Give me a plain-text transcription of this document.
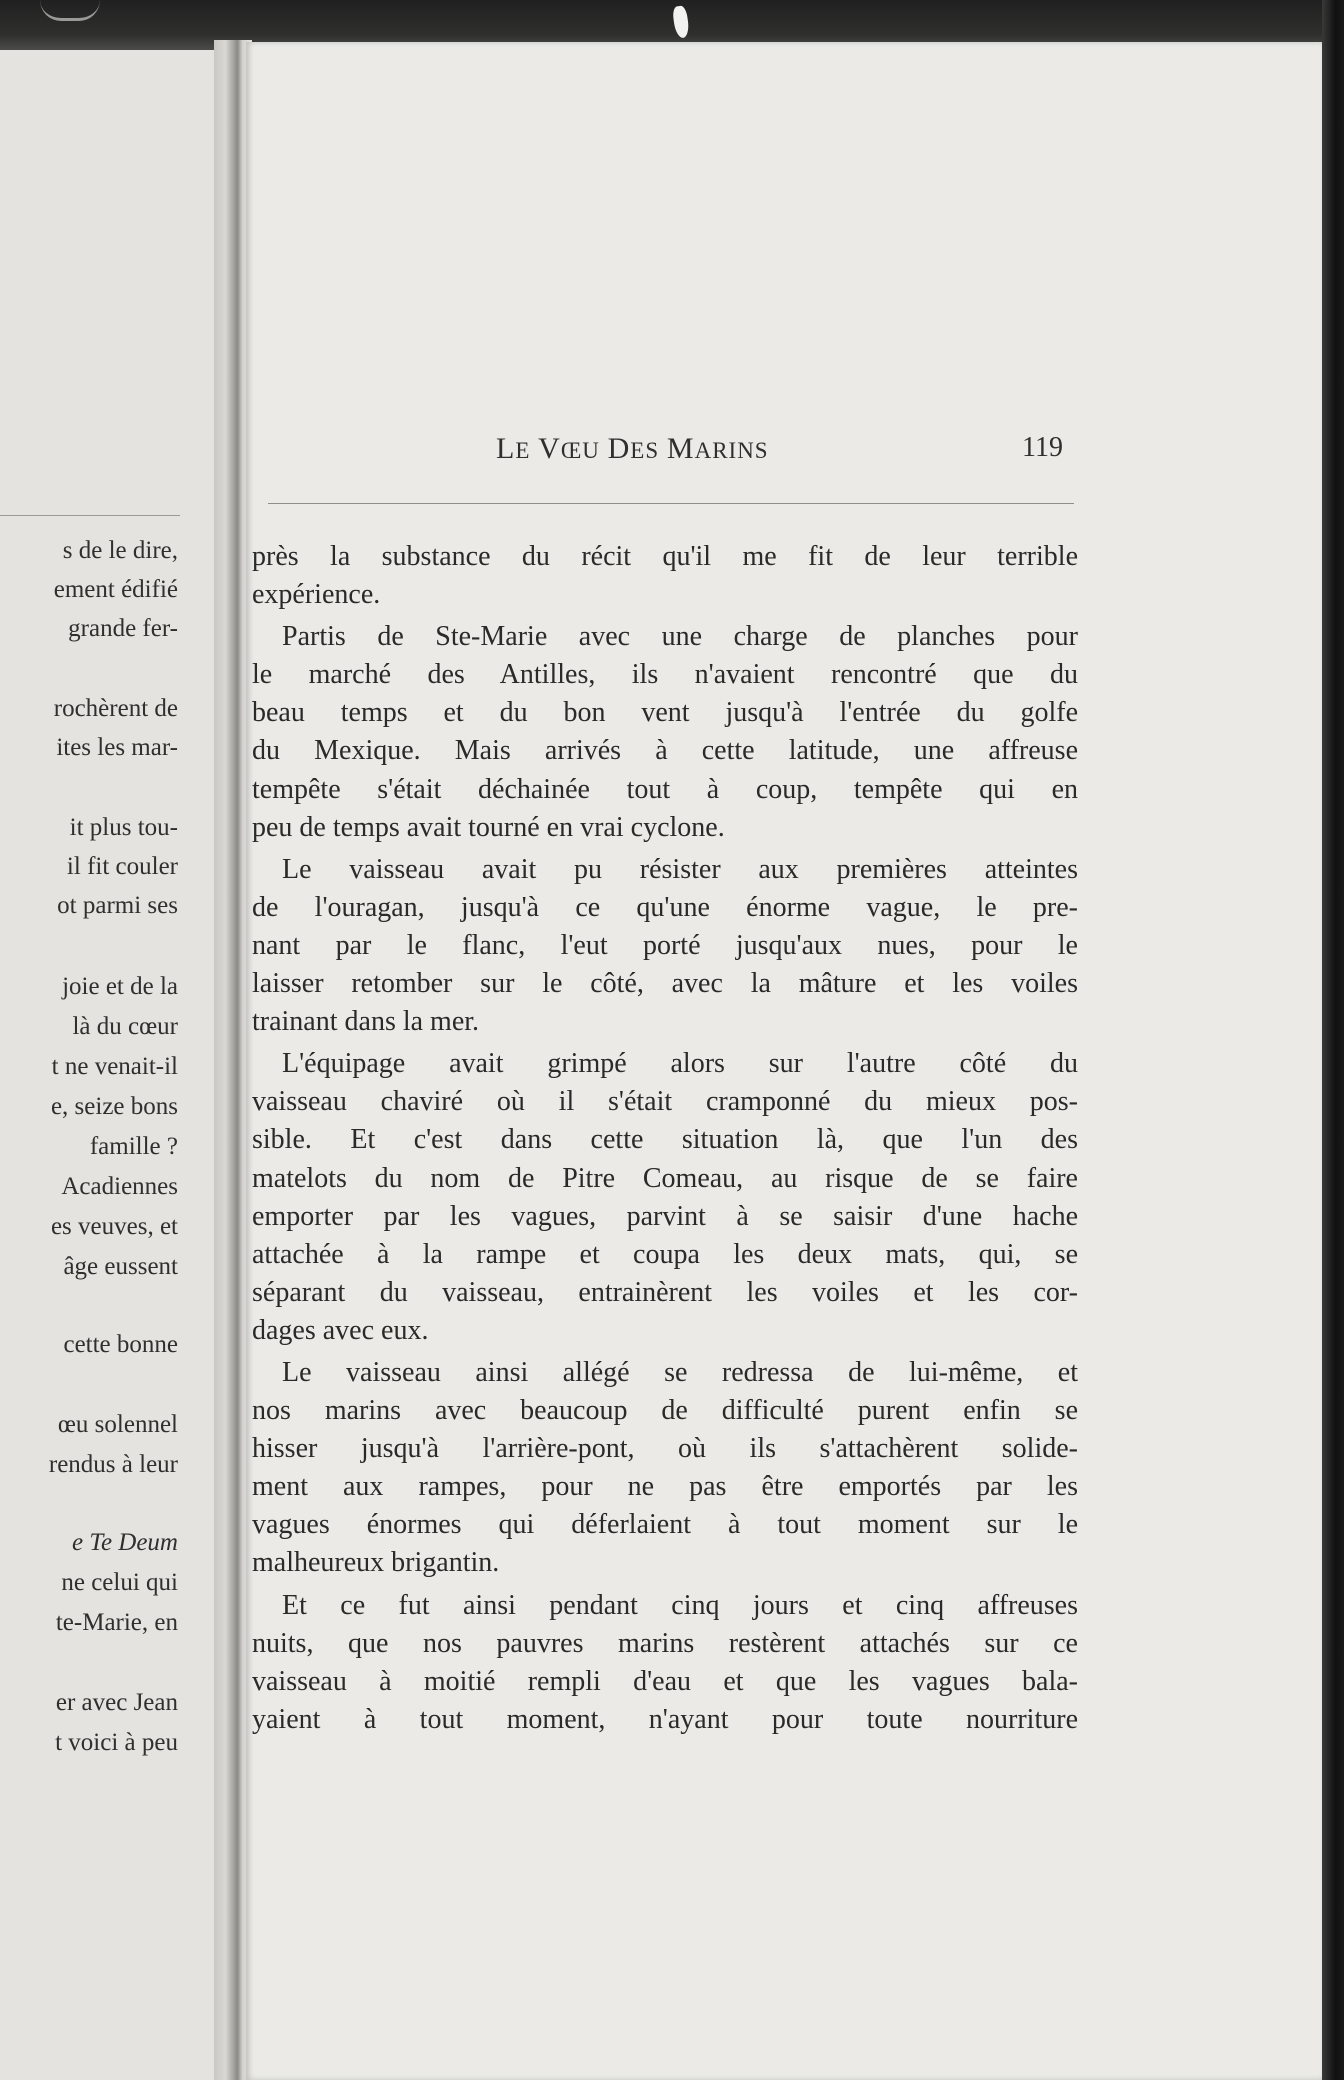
s de le dire,
ement édifié
grande fer-
rochèrent de
ites les mar-
it plus tou-
il fit couler
ot parmi ses
joie et de la
là du cœur
t ne venait-il
e, seize bons
famille ?
Acadiennes
es veuves, et
âge eussent
cette bonne
œu solennel
rendus à leur
e Te Deum
ne celui qui
te-Marie, en
er avec Jean
t voici à peu
LE VŒU DES MARINS	119
près la substance du récit qu'il me fit de leur terrible
expérience.
Partis de Ste-Marie avec une charge de planches pour
le marché des Antilles, ils n'avaient rencontré que du
beau temps et du bon vent jusqu'à l'entrée du golfe
du Mexique. Mais arrivés à cette latitude, une affreuse
tempête s'était déchainée tout à coup, tempête qui en
peu de temps avait tourné en vrai cyclone.
Le vaisseau avait pu résister aux premières atteintes
de l'ouragan, jusqu'à ce qu'une énorme vague, le pre-
nant par le flanc, l'eut porté jusqu'aux nues, pour le
laisser retomber sur le côté, avec la mâture et les voiles
trainant dans la mer.
L'équipage avait grimpé alors sur l'autre côté du
vaisseau chaviré où il s'était cramponné du mieux pos-
sible. Et c'est dans cette situation là, que l'un des
matelots du nom de Pitre Comeau, au risque de se faire
emporter par les vagues, parvint à se saisir d'une hache
attachée à la rampe et coupa les deux mats, qui, se
séparant du vaisseau, entrainèrent les voiles et les cor-
dages avec eux.
Le vaisseau ainsi allégé se redressa de lui-même, et
nos marins avec beaucoup de difficulté purent enfin se
hisser jusqu'à l'arrière-pont, où ils s'attachèrent solide-
ment aux rampes, pour ne pas être emportés par les
vagues énormes qui déferlaient à tout moment sur le
malheureux brigantin.
Et ce fut ainsi pendant cinq jours et cinq affreuses
nuits, que nos pauvres marins restèrent attachés sur ce
vaisseau à moitié rempli d'eau et que les vagues bala-
yaient à tout moment, n'ayant pour toute nourriture
